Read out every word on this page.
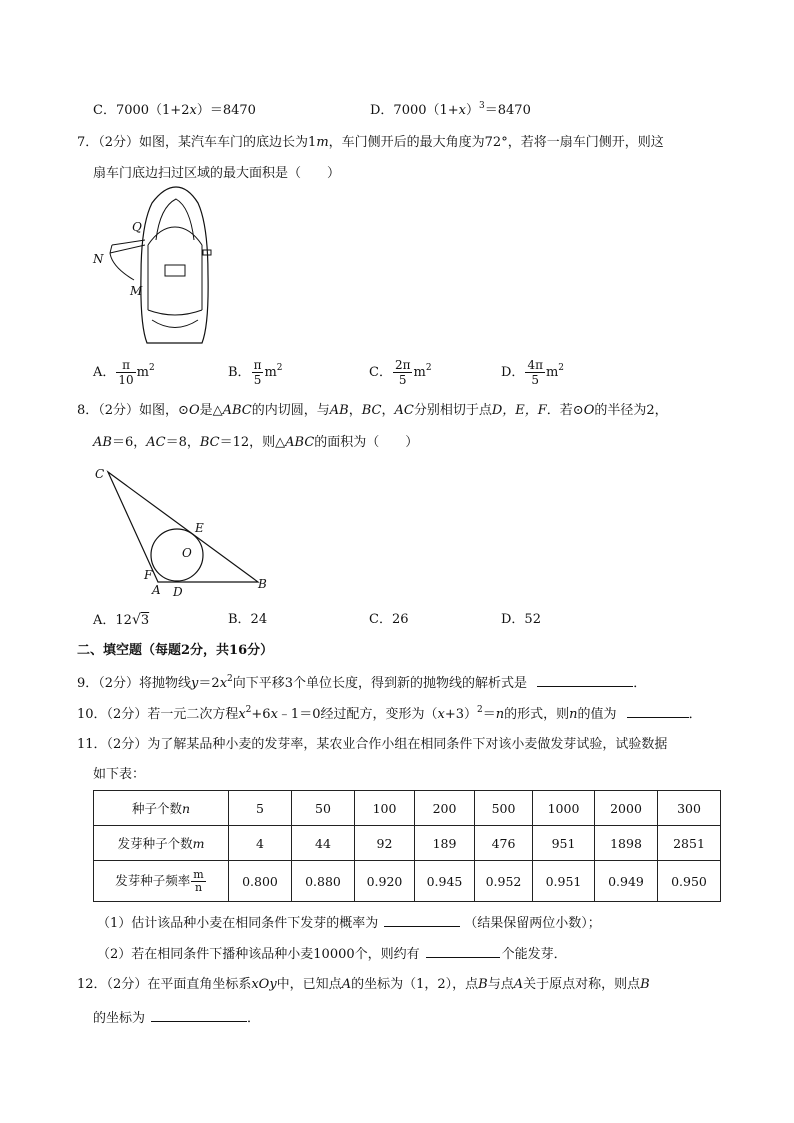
C．7000（1+2x）＝8470	D．$7000(1+x)^3=8470$
7．（2分）如图，某汽车车门的底边长为1m，车门侧开后的最大角度为72°，若将一扇车门侧开，则这
扇车门底边扫过区域的最大面积是（　　）
Q
N
M
A． $\frac{\pi}{10} m^2$	B． $\frac{\pi}{5} m^2$	C． $\frac{2\pi}{5} m^2$	D． $\frac{4\pi}{5} m^2$
8．（2分）如图，⊙O是△ABC的内切圆，与AB，BC，AC分别相切于点D，E，F．若⊙O的半径为2，
AB＝6，AC＝8，BC＝12，则△ABC的面积为（　　）
C
E
O
F
A D
B
A．12√3	B．24	C．26	D．52
二、填空题（每题2分，共16分）
9．（2分）将抛物线$y=2x^2$向下平移3个单位长度，得到新的抛物线的解析式是	．
10．（2分）若一元二次方程$x^2+6x﹣1=0$经过配方，变形为$(x+3)^2=n$的形式，则n的值为	．
11．（2分）为了解某品种小麦的发芽率，某农业合作小组在相同条件下对该小麦做发芽试验，试验数据
如下表：
种子个数n	5	50	100	200	500	1000	2000	300
发芽种子个数m	4	44	92	189	476	951	1898	2851
发芽种子频率 $\frac{m}{n}$	0.800	0.880	0.920	0.945	0.952	0.951	0.949	0.950
（1）估计该品种小麦在相同条件下发芽的概率为	（结果保留两位小数）；
（2）若在相同条件下播种该品种小麦10000个，则约有	个能发芽．
12．（2分）在平面直角坐标系xOy中，已知点A的坐标为（1，2），点B与点A关于原点对称，则点B
的坐标为	．
